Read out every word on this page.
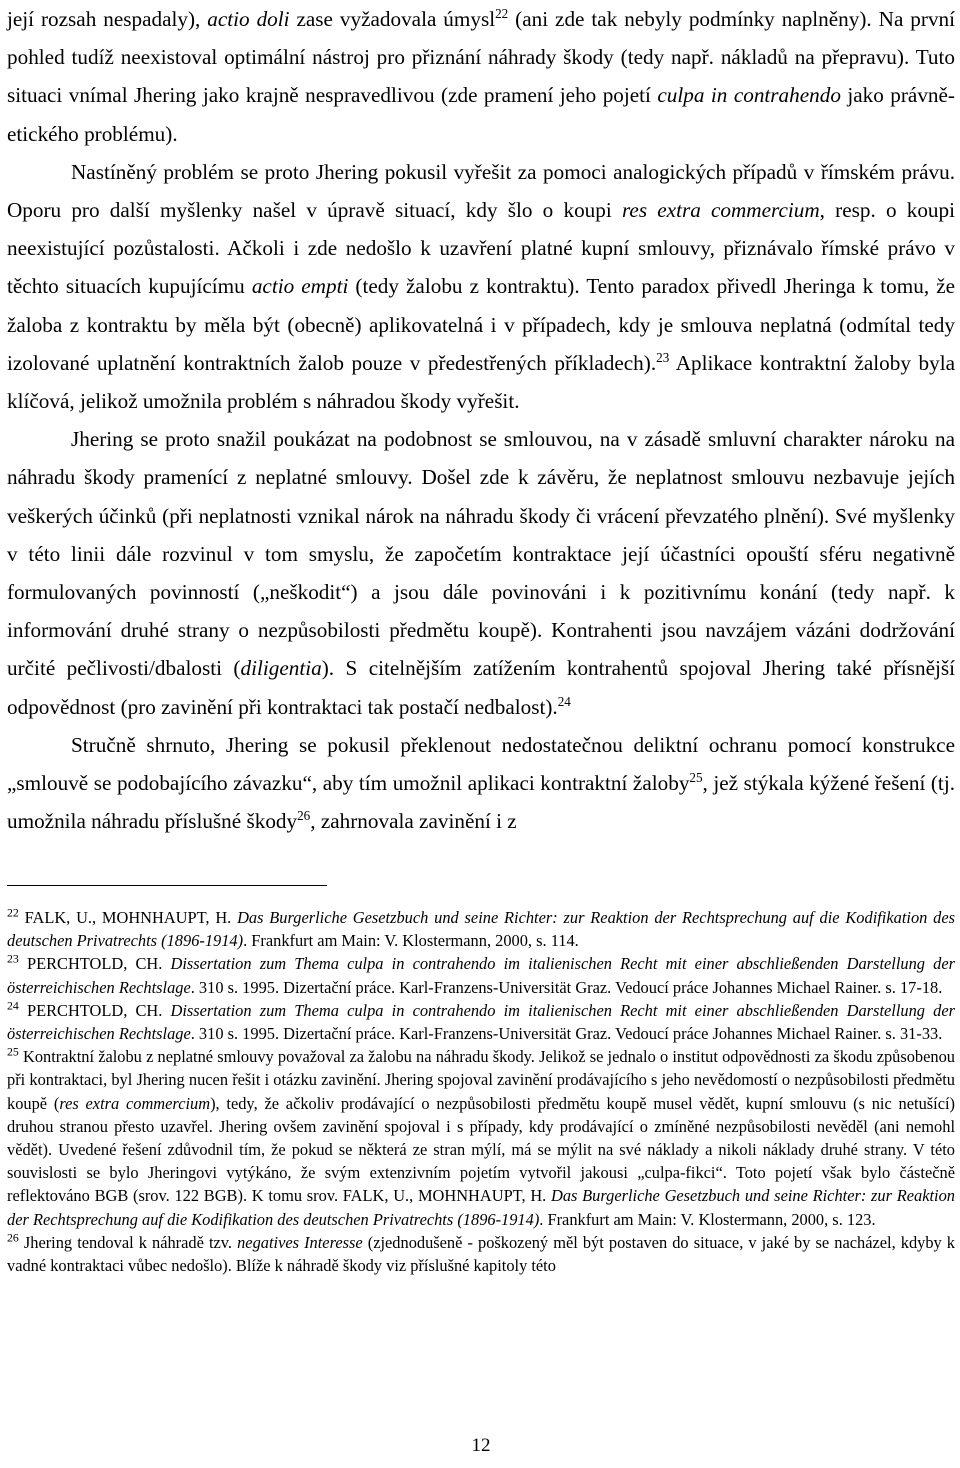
její rozsah nespadaly), actio doli zase vyžadovala úmysl$^{22}$ (ani zde tak nebyly podmínky naplněny). Na první pohled tudíž neexistoval optimální nástroj pro přiznání náhrady škody (tedy např. nákladů na přepravu). Tuto situaci vnímal Jhering jako krajně nespravedlivou (zde pramení jeho pojetí culpa in contrahendo jako právně-etického problému).

Nastíněný problém se proto Jhering pokusil vyřešit za pomoci analogických případů v římském právu. Oporu pro další myšlenky našel v úpravě situací, kdy šlo o koupi res extra commercium, resp. o koupi neexistující pozůstalosti. Ačkoli i zde nedošlo k uzavření platné kupní smlouvy, přiznávalo římské právo v těchto situacích kupujícímu actio empti (tedy žalobu z kontraktu). Tento paradox přivedl Jheringa k tomu, že žaloba z kontraktu by měla být (obecně) aplikovatelná i v případech, kdy je smlouva neplatná (odmítal tedy izolované uplatnění kontraktních žalob pouze v předestřených příkladech).$^{23}$ Aplikace kontraktní žaloby byla klíčová, jelikož umožnila problém s náhradou škody vyřešit.

Jhering se proto snažil poukázat na podobnost se smlouvou, na v zásadě smluvní charakter nároku na náhradu škody pramenící z neplatné smlouvy. Došel zde k závěru, že neplatnost smlouvu nezbavuje jejích veškerých účinků (při neplatnosti vznikal nárok na náhradu škody či vrácení převzatého plnění). Své myšlenky v této linii dále rozvinul v tom smyslu, že započetím kontraktace její účastníci opouští sféru negativně formulovaných povinností („neškodit“) a jsou dále povinováni i k pozitivnímu konání (tedy např. k informování druhé strany o nezpůsobilosti předmětu koupě). Kontrahenti jsou navzájem vázáni dodržování určité pečlivosti/dbalosti (diligentia). S citelnějším zatížením kontrahentů spojoval Jhering také přísnější odpovědnost (pro zavinění při kontraktaci tak postačí nedbalost).$^{24}$

Stručně shrnuto, Jhering se pokusil překlenout nedostatečnou deliktní ochranu pomocí konstrukce „smlouvě se podobajícího závazku“, aby tím umožnil aplikaci kontraktní žaloby$^{25}$, jež stýkala kýžené řešení (tj. umožnila náhradu příslušné škody$^{26}$, zahrnovala zavinění i z

$^{22}$ FALK, U., MOHNHAUPT, H. Das Burgerliche Gesetzbuch und seine Richter: zur Reaktion der Rechtsprechung auf die Kodifikation des deutschen Privatrechts (1896-1914). Frankfurt am Main: V. Klostermann, 2000, s. 114.

$^{23}$ PERCHTOLD, CH. Dissertation zum Thema culpa in contrahendo im italienischen Recht mit einer abschließenden Darstellung der österreichischen Rechtslage. 310 s. 1995. Dizertační práce. Karl-Franzens-Universität Graz. Vedoucí práce Johannes Michael Rainer. s. 17-18.

$^{24}$ PERCHTOLD, CH. Dissertation zum Thema culpa in contrahendo im italienischen Recht mit einer abschließenden Darstellung der österreichischen Rechtslage. 310 s. 1995. Dizertační práce. Karl-Franzens-Universität Graz. Vedoucí práce Johannes Michael Rainer. s. 31-33.

$^{25}$ Kontraktní žalobu z neplatné smlouvy považoval za žalobu na náhradu škody. Jelikož se jednalo o institut odpovědnosti za škodu způsobenou při kontraktaci, byl Jhering nucen řešit i otázku zavinění. Jhering spojoval zavinění prodávajícího s jeho nevědomostí o nezpůsobilosti předmětu koupě (res extra commercium), tedy, že ačkoliv prodávající o nezpůsobilosti předmětu koupě musel vědět, kupní smlouvu (s nic netušící) druhou stranou přesto uzavřel. Jhering ovšem zavinění spojoval i s případy, kdy prodávající o zmíněné nezpůsobilosti nevěděl (ani nemohl vědět). Uvedené řešení zdůvodnil tím, že pokud se některá ze stran mýlí, má se mýlit na své náklady a nikoli náklady druhé strany. V této souvislosti se bylo Jheringovi vytýkáno, že svým extenzivním pojetím vytvořil jakousi „culpa-fikci“. Toto pojetí však bylo částečně reflektováno BGB (srov. 122 BGB). K tomu srov. FALK, U., MOHNHAUPT, H. Das Burgerliche Gesetzbuch und seine Richter: zur Reaktion der Rechtsprechung auf die Kodifikation des deutschen Privatrechts (1896-1914). Frankfurt am Main: V. Klostermann, 2000, s. 123.

$^{26}$ Jhering tendoval k náhradě tzv. negatives Interesse (zjednodušeně - poškozený měl být postaven do situace, v jaké by se nacházel, kdyby k vadné kontraktaci vůbec nedošlo). Blíže k náhradě škody viz příslušné kapitoly této

12
